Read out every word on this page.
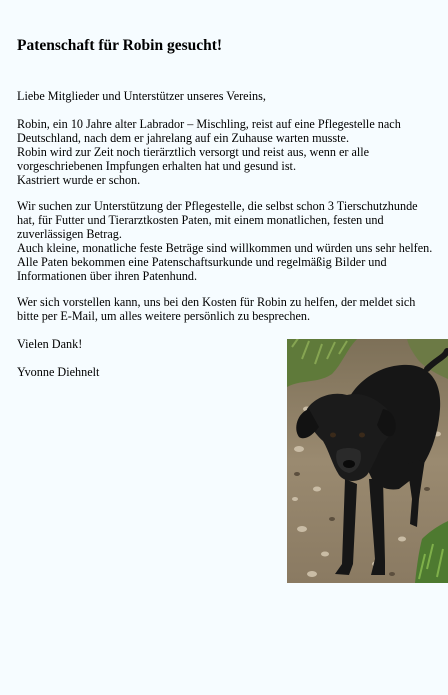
Patenschaft für Robin gesucht!

Liebe Mitglieder und Unterstützer unseres Vereins,

Robin, ein 10 Jahre alter Labrador – Mischling, reist auf eine Pflegestelle nach
Deutschland, nach dem er jahrelang auf ein Zuhause warten musste.
Robin wird zur Zeit noch tierärztlich versorgt und reist aus, wenn er alle
vorgeschriebenen Impfungen erhalten hat und gesund ist.
Kastriert wurde er schon.

Wir suchen zur Unterstützung der Pflegestelle, die selbst schon 3 Tierschutzhunde
hat, für Futter und Tierarztkosten Paten, mit einem monatlichen, festen und
zuverlässigen Betrag.
Auch kleine, monatliche feste Beträge sind willkommen und würden uns sehr helfen.
Alle Paten bekommen eine Patenschaftsurkunde und regelmäßig Bilder und
Informationen über ihren Patenhund.

Wer sich vorstellen kann, uns bei den Kosten für Robin zu helfen, der meldet sich
bitte per E-Mail, um alles weitere persönlich zu besprechen.

Vielen Dank!

Yvonne Diehnelt
